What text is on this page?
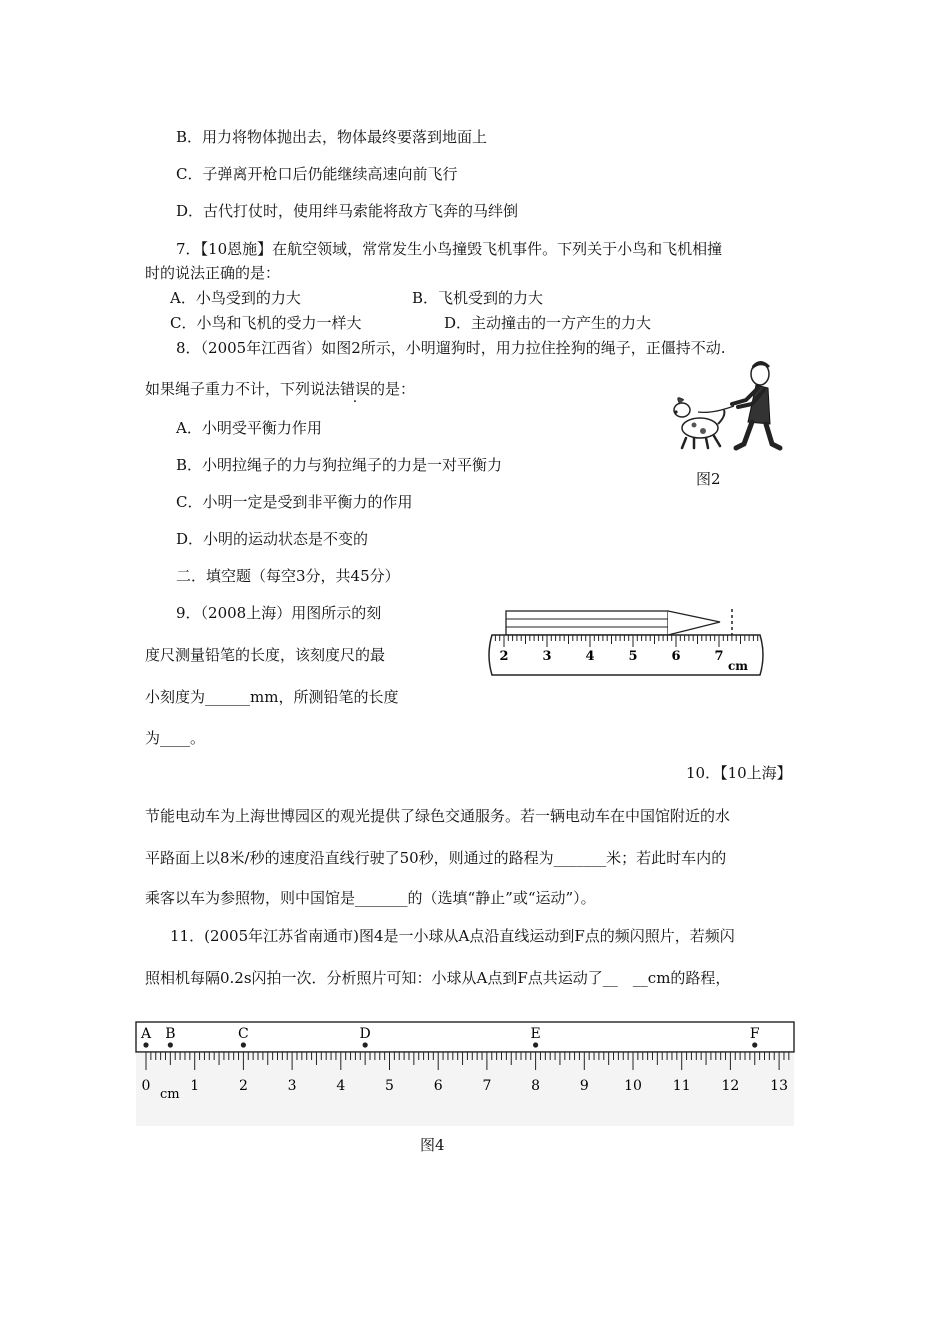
B．用力将物体抛出去，物体最终要落到地面上
C．子弹离开枪口后仍能继续高速向前飞行
D．古代打仗时，使用绊马索能将敌方飞奔的马绊倒
7．【10恩施】在航空领域，常常发生小鸟撞毁飞机事件。下列关于小鸟和飞机相撞
时的说法正确的是：
A．小鸟受到的力大	B．飞机受到的力大
C．小鸟和飞机的受力一样大	D．主动撞击的一方产生的力大
8．（2005年江西省）如图2所示，小明遛狗时，用力拉住拴狗的绳子，正僵持不动.
如果绳子重力不计，下列说法错误的是：
A．小明受平衡力作用
B．小明拉绳子的力与狗拉绳子的力是一对平衡力
C．小明一定是受到非平衡力的作用
D．小明的运动状态是不变的
图2
二．填空题（每空3分，共45分）
9．（2008上海）用图所示的刻
度尺测量铅笔的长度，该刻度尺的最
小刻度为______mm，所测铅笔的长度
为____。
2	3	4	5	6	7
cm
10．【10上海】
节能电动车为上海世博园区的观光提供了绿色交通服务。若一辆电动车在中国馆附近的水
平路面上以8米/秒的速度沿直线行驶了50秒，则通过的路程为_______米；若此时车内的
乘客以车为参照物，则中国馆是_______的（选填“静止”或“运动”）。
11．(2005年江苏省南通市)图4是一小球从A点沿直线运动到F点的频闪照片，若频闪
照相机每隔0.2s闪拍一次．分析照片可知：小球从A点到F点共运动了__　__cm的路程，
0	1	2	3	4	5	6	7	8	9	10 11 12 13
A B	C	D	E	F
cm
图4
